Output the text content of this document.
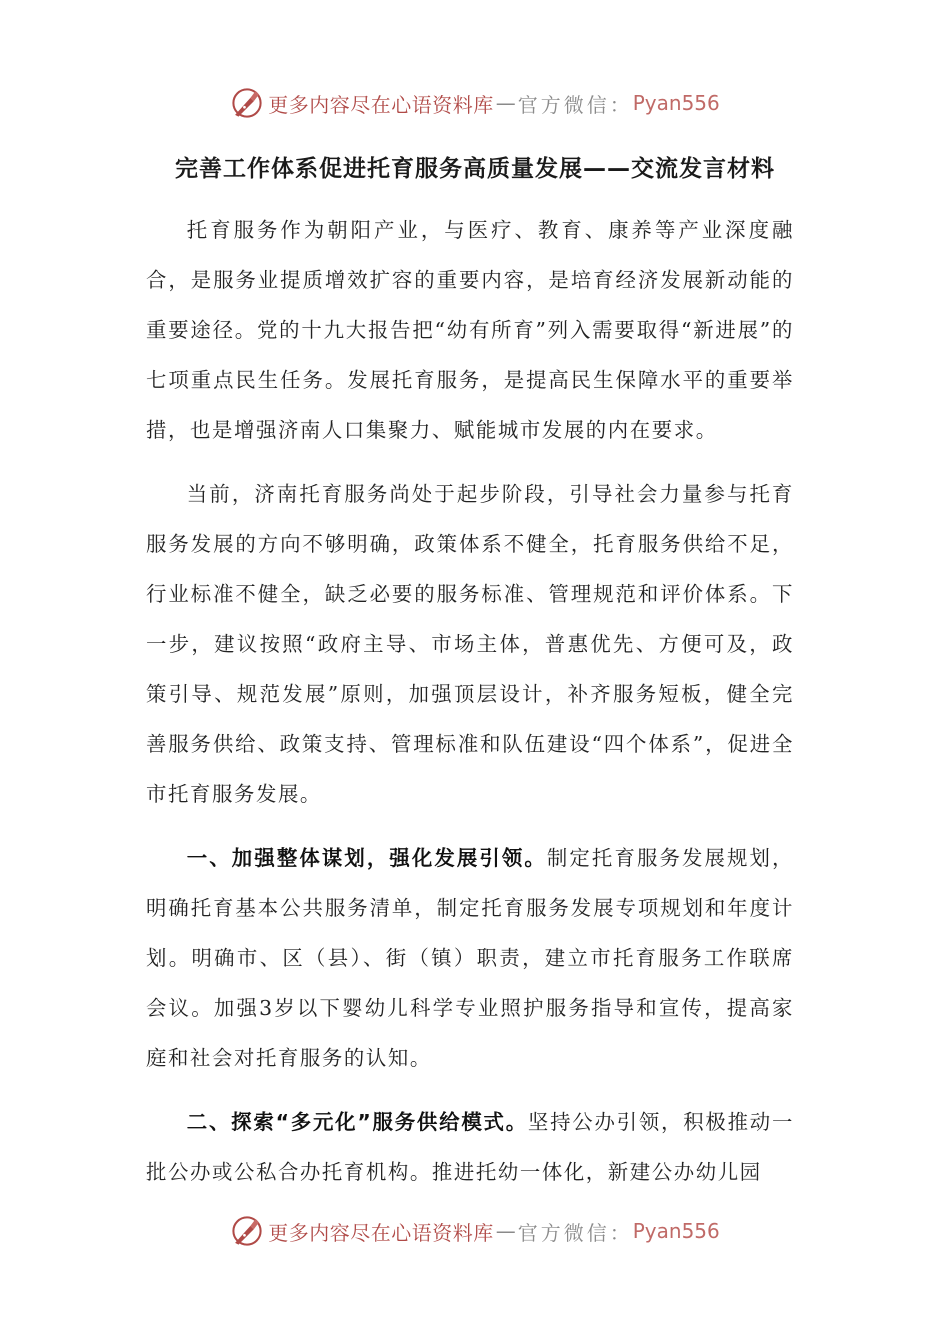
更多内容尽在心语资料库 — 官方微信： Pyan556
完善工作体系促进托育服务高质量发展——交流发言材料

托育服务作为朝阳产业，与医疗、教育、康养等产业深度融合，是服务业提质增效扩容的重要内容，是培育经济发展新动能的重要途径。党的十九大报告把“幼有所育”列入需要取得“新进展”的七项重点民生任务。发展托育服务，是提高民生保障水平的重要举措，也是增强济南人口集聚力、赋能城市发展的内在要求。

当前，济南托育服务尚处于起步阶段，引导社会力量参与托育服务发展的方向不够明确，政策体系不健全，托育服务供给不足，行业标准不健全，缺乏必要的服务标准、管理规范和评价体系。下一步，建议按照“政府主导、市场主体，普惠优先、方便可及，政策引导、规范发展”原则，加强顶层设计，补齐服务短板，健全完善服务供给、政策支持、管理标准和队伍建设“四个体系”，促进全市托育服务发展。

一、加强整体谋划，强化发展引领。制定托育服务发展规划，明确托育基本公共服务清单，制定托育服务发展专项规划和年度计划。明确市、区（县）、街（镇）职责，建立市托育服务工作联席会议。加强3岁以下婴幼儿科学专业照护服务指导和宣传，提高家庭和社会对托育服务的认知。

二、探索“多元化”服务供给模式。坚持公办引领，积极推动一批公办或公私合办托育机构。推进托幼一体化，新建公办幼儿园

更多内容尽在心语资料库 — 官方微信： Pyan556
